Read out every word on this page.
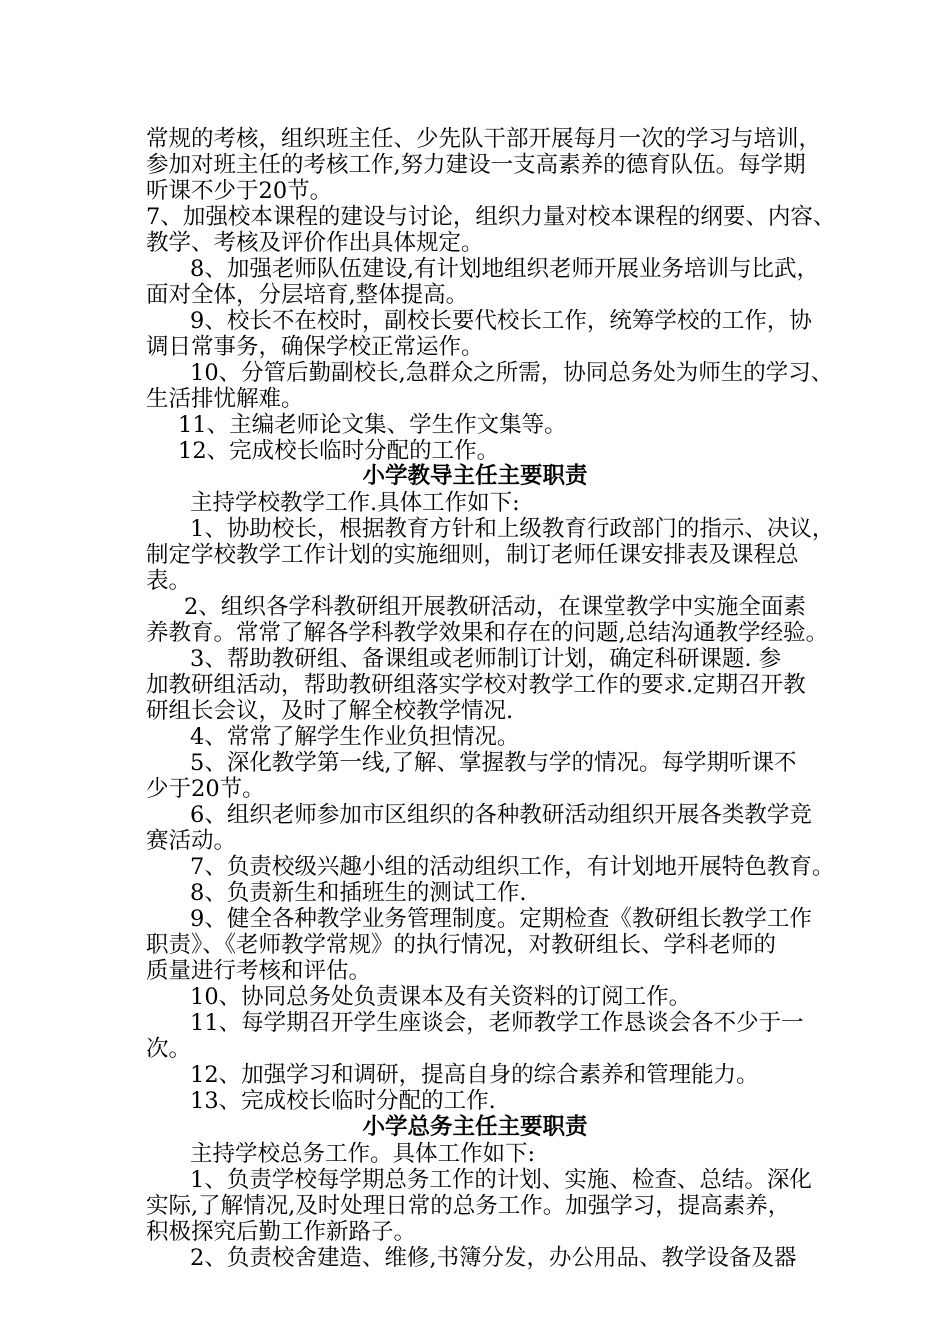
常规的考核，组织班主任、少先队干部开展每月一次的学习与培训，
参加对班主任的考核工作,努力建设一支高素养的德育队伍。每学期
听课不少于20节。
7、加强校本课程的建设与讨论，组织力量对校本课程的纲要、内容、
教学、考核及评价作出具体规定。
8、加强老师队伍建设,有计划地组织老师开展业务培训与比武，
面对全体，分层培育,整体提高。
9、校长不在校时，副校长要代校长工作，统筹学校的工作，协
调日常事务，确保学校正常运作。
10、分管后勤副校长,急群众之所需，协同总务处为师生的学习、
生活排忧解难。
11、主编老师论文集、学生作文集等。
12、完成校长临时分配的工作。
小学教导主任主要职责
主持学校教学工作.具体工作如下:
1、协助校长，根据教育方针和上级教育行政部门的指示、决议，
制定学校教学工作计划的实施细则，制订老师任课安排表及课程总
表。
2、组织各学科教研组开展教研活动，在课堂教学中实施全面素
养教育。常常了解各学科教学效果和存在的问题,总结沟通教学经验。
3、帮助教研组、备课组或老师制订计划，确定科研课题. 参
加教研组活动，帮助教研组落实学校对教学工作的要求.定期召开教
研组长会议，及时了解全校教学情况.
4、常常了解学生作业负担情况。
5、深化教学第一线,了解、掌握教与学的情况。每学期听课不
少于20节。
6、组织老师参加市区组织的各种教研活动组织开展各类教学竞
赛活动。
7、负责校级兴趣小组的活动组织工作，有计划地开展特色教育。
8、负责新生和插班生的测试工作.
9、健全各种教学业务管理制度。定期检查《教研组长教学工作
职责》、《老师教学常规》的执行情况，对教研组长、学科老师的
质量进行考核和评估。
10、协同总务处负责课本及有关资料的订阅工作。
11、每学期召开学生座谈会，老师教学工作恳谈会各不少于一
次。
12、加强学习和调研，提高自身的综合素养和管理能力。
13、完成校长临时分配的工作.
小学总务主任主要职责
主持学校总务工作。具体工作如下:
1、负责学校每学期总务工作的计划、实施、检查、总结。深化
实际,了解情况,及时处理日常的总务工作。加强学习，提高素养，
积极探究后勤工作新路子。
2、负责校舍建造、维修,书簿分发，办公用品、教学设备及器
